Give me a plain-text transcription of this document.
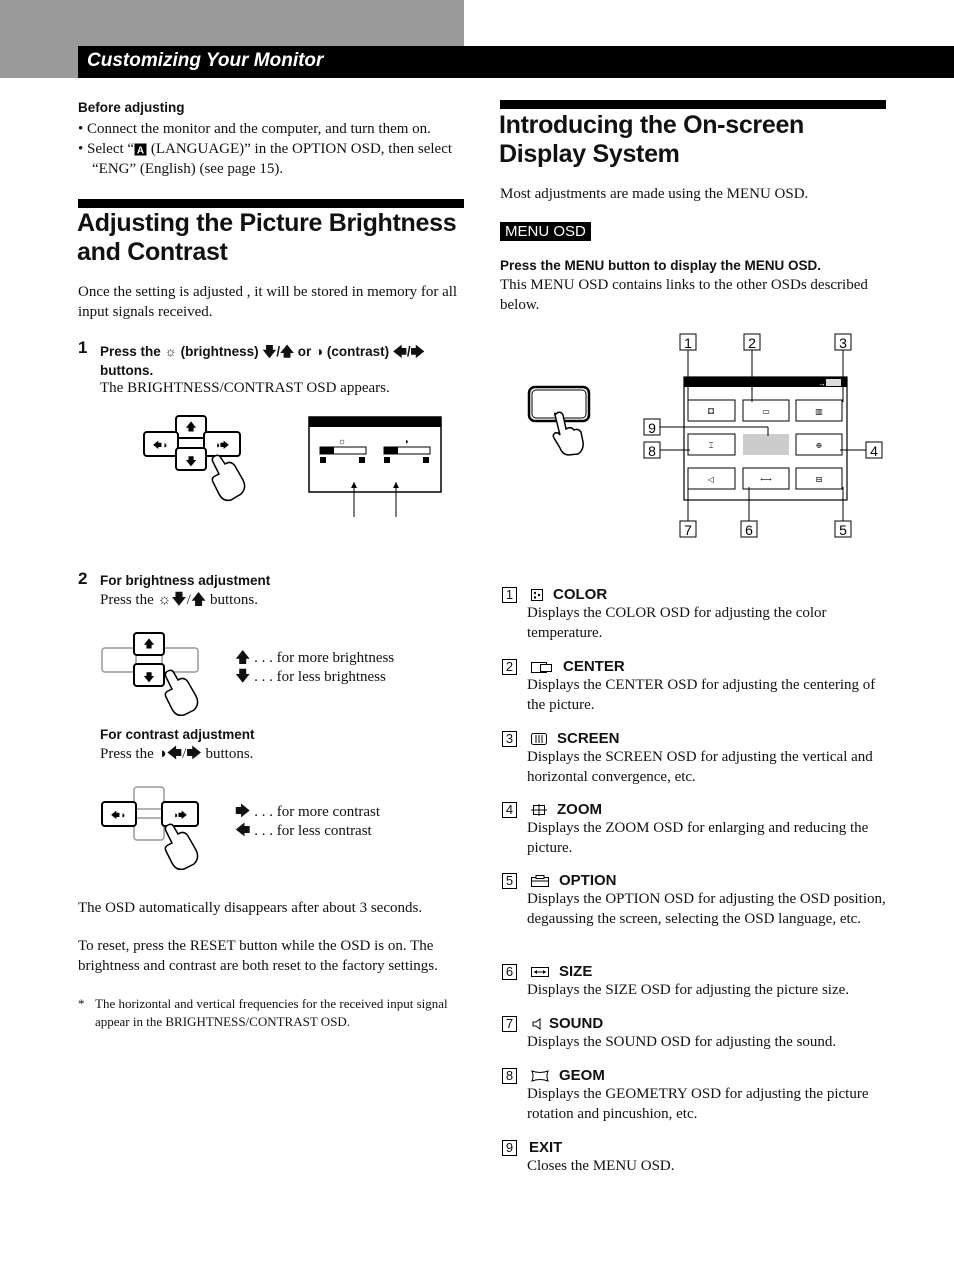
Customizing Your Monitor
Before adjusting
• Connect the monitor and the computer, and turn them on.
• Select “ A (LANGUAGE)” in the OPTION OSD, then select “ENG” (English) (see page 15).
Adjusting the Picture Brightness
and Contrast
Once the setting is adjusted , it will be stored in memory for all input signals received.
1 Press the ☼ (brightness) 🡇/🡅 or ◑ (contrast) 🡄/🡆
buttons.
The BRIGHTNESS/CONTRAST OSD appears.
🡅
🡄◑	◑🡆
🡇
☼	◑
2 For brightness adjustment
Press the ☼🡇/🡅 buttons.
🡅
🡇
🡅 . . . for more brightness
🡇 . . . for less brightness
For contrast adjustment
Press the ◑🡄/🡆 buttons.
🡄◑	◑🡆	🡆 . . . for more contrast
🡄 . . . for less contrast
The OSD automatically disappears after about 3 seconds.
To reset, press the RESET button while the OSD is on. The brightness and contrast are both reset to the factory settings.
* The horizontal and vertical frequencies for the received input signal appear in the BRIGHTNESS/CONTRAST OSD.
Introducing the On-screen
Display System
Most adjustments are made using the MENU OSD.
MENU OSD
Press the MENU button to display the MENU OSD.
This MENU OSD contains links to the other OSDs described below.
→
⚃	▭	▥
⌶	⊕
◁	⟷	⊟
1	2	3
9
8	4
7	6	5
1	COLOR
Displays the COLOR OSD for adjusting the color temperature.
2	CENTER
Displays the CENTER OSD for adjusting the centering of the picture.
3	SCREEN
Displays the SCREEN OSD for adjusting the vertical and horizontal convergence, etc.
4	ZOOM
Displays the ZOOM OSD for enlarging and reducing the picture.
5	OPTION
Displays the OPTION OSD for adjusting the OSD position, degaussing the screen, selecting the OSD language, etc.
6	SIZE
Displays the SIZE OSD for adjusting the picture size.
7 SOUND
Displays the SOUND OSD for adjusting the sound.
8	GEOM
Displays the GEOMETRY OSD for adjusting the picture rotation and pincushion, etc.
9 EXIT
Closes the MENU OSD.
